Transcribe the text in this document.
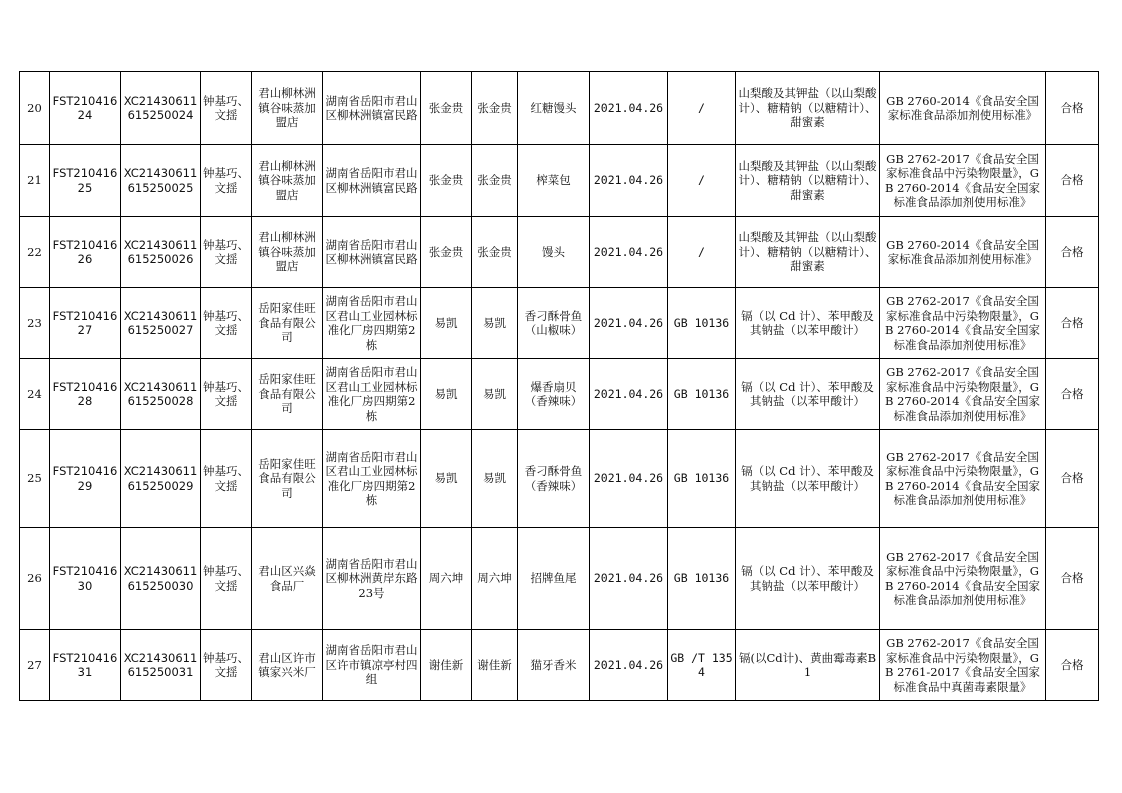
20	FST21041624	XC21430611615250024	钟基巧、文揺	君山柳林洲镇谷味蒸加盟店	湖南省岳阳市君山区柳林洲镇富民路	张金贵	张金贵	红糖馒头	2021.04.26	/	山梨酸及其钾盐（以山梨酸 计）、糖精钠（以糖精计）、甜蜜素	GB 2760-2014《食品安全国家标准食品添加剂使用标准》	合格
21	FST21041625	XC21430611615250025	钟基巧、文揺	君山柳林洲镇谷味蒸加盟店	湖南省岳阳市君山区柳林洲镇富民路	张金贵	张金贵	榨菜包	2021.04.26	/	山梨酸及其钾盐（以山梨酸 计）、糖精钠（以糖精计）、甜蜜素	GB 2762-2017《食品安全国家标准食品中污染物限量》，GB 2760-2014《食品安全国家标准食品添加剂使用标准》	合格
22	FST21041626	XC21430611615250026	钟基巧、文揺	君山柳林洲镇谷味蒸加盟店	湖南省岳阳市君山区柳林洲镇富民路	张金贵	张金贵	馒头	2021.04.26	/	山梨酸及其钾盐（以山梨酸 计）、糖精钠（以糖精计）、甜蜜素	GB 2760-2014《食品安全国家标准食品添加剂使用标准》	合格
23	FST21041627	XC21430611615250027	钟基巧、文揺	岳阳家佳旺食品有限公司	湖南省岳阳市君山区君山工业园林标准化厂房四期第2栋	易凯	易凯	香刁酥骨鱼（山椒味）	2021.04.26	GB 10136	镉（以 Cd 计）、苯甲酸及其钠盐（以苯甲酸计）	GB 2762-2017《食品安全国家标准食品中污染物限量》，GB 2760-2014《食品安全国家标准食品添加剂使用标准》	合格
24	FST21041628	XC21430611615250028	钟基巧、文揺	岳阳家佳旺食品有限公司	湖南省岳阳市君山区君山工业园林标准化厂房四期第2栋	易凯	易凯	爆香扇贝（香辣味）	2021.04.26	GB 10136	镉（以 Cd 计）、苯甲酸及其钠盐（以苯甲酸计）	GB 2762-2017《食品安全国家标准食品中污染物限量》，GB 2760-2014《食品安全国家标准食品添加剂使用标准》	合格
25	FST21041629	XC21430611615250029	钟基巧、文揺	岳阳家佳旺食品有限公司	湖南省岳阳市君山区君山工业园林标准化厂房四期第2栋	易凯	易凯	香刁酥骨鱼（香辣味）	2021.04.26	GB 10136	镉（以 Cd 计）、苯甲酸及其钠盐（以苯甲酸计）	GB 2762-2017《食品安全国家标准食品中污染物限量》，GB 2760-2014《食品安全国家标准食品添加剂使用标准》	合格
26	FST21041630	XC21430611615250030	钟基巧、文揺	君山区兴焱食品厂	湖南省岳阳市君山区柳林洲黄岸东路23号	周六坤	周六坤	招牌鱼尾	2021.04.26	GB 10136	镉（以 Cd 计）、苯甲酸及其钠盐（以苯甲酸计）	GB 2762-2017《食品安全国家标准食品中污染物限量》，GB 2760-2014《食品安全国家标准食品添加剂使用标准》	合格
27	FST21041631	XC21430611615250031	钟基巧、文揺	君山区许市镇家兴米厂	湖南省岳阳市君山区许市镇凉亭村四组	谢佳新	谢佳新	猫牙香米	2021.04.26	GB /T 1354	镉(以Cd计)、黄曲霉毒素B1	GB 2762-2017《食品安全国家标准食品中污染物限量》，GB 2761-2017《食品安全国家标准食品中真菌毒素限量》	合格
